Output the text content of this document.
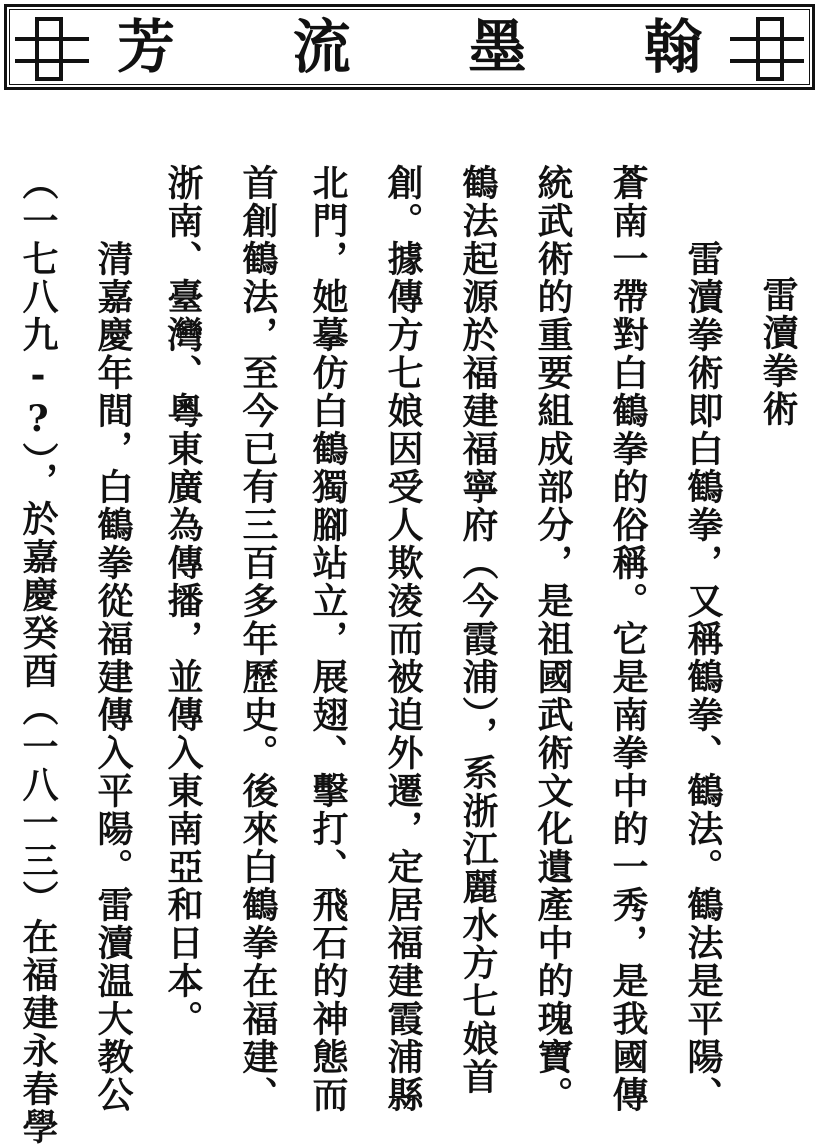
翰
墨
流
芳
雷瀆拳術
雷瀆拳術即白鶴拳，又稱鶴拳、鶴法。鶴法是平陽、
蒼南一帶對白鶴拳的俗稱。它是南拳中的一秀，是我國傳
統武術的重要組成部分，是祖國武術文化遺產中的瑰寶。
鶴法起源於福建福寧府（今霞浦），系浙江麗水方七娘首
創。據傳方七娘因受人欺淩而被迫外遷，定居福建霞浦縣
北門，她摹仿白鶴獨腳站立，展翅、擊打、飛石的神態而
首創鶴法，至今已有三百多年歷史。後來白鶴拳在福建、
浙南、臺灣、粵東廣為傳播，並傳入東南亞和日本。
清嘉慶年間，白鶴拳從福建傳入平陽。雷瀆温大教公
（一七八九-?），於嘉慶癸酉（一八一三）在福建永春學
